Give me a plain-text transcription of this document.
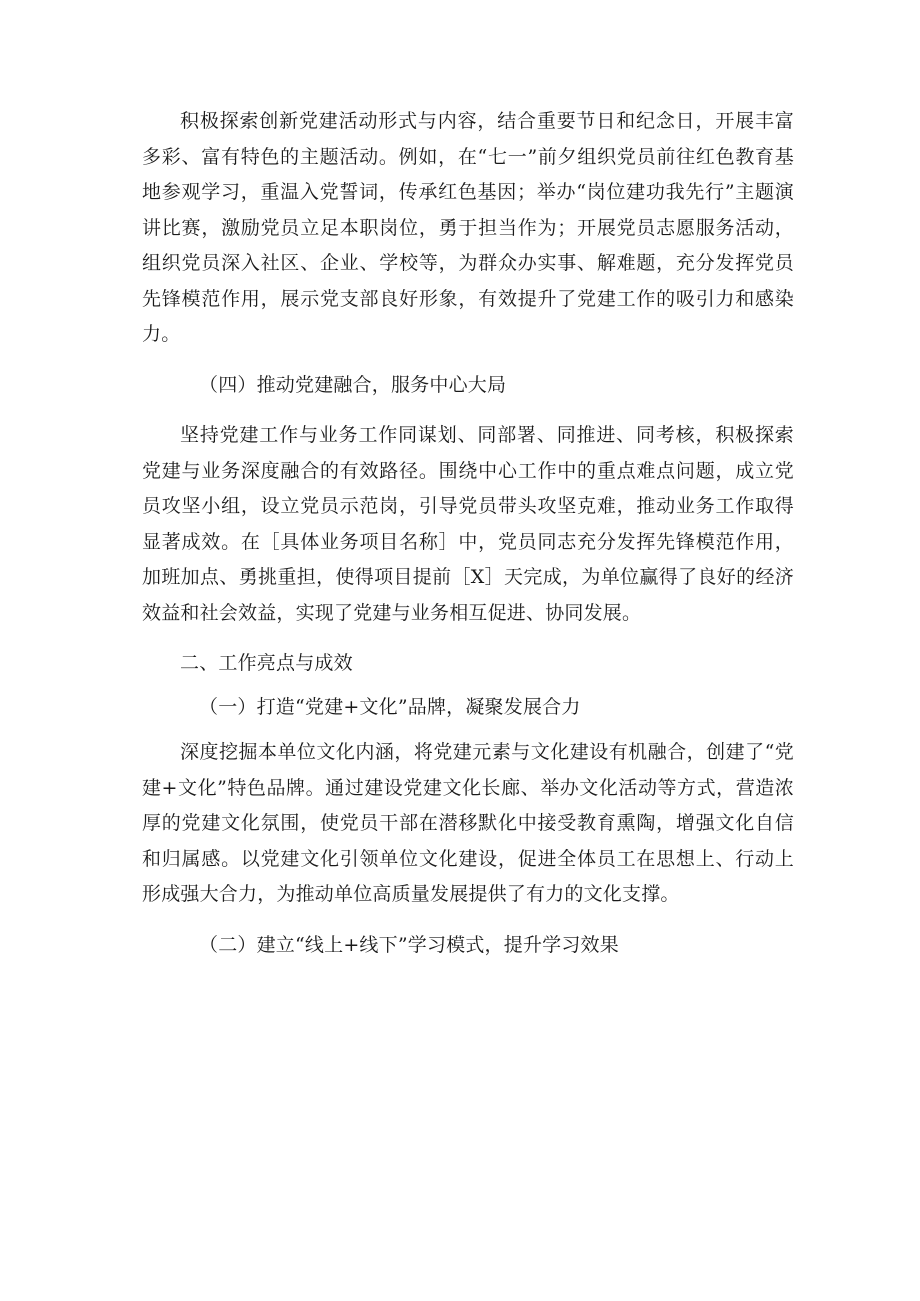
积极探索创新党建活动形式与内容，结合重要节日和纪念日，开展丰富多彩、富有特色的主题活动。例如，在“七一”前夕组织党员前往红色教育基地参观学习，重温入党誓词，传承红色基因；举办“岗位建功我先行”主题演讲比赛，激励党员立足本职岗位，勇于担当作为；开展党员志愿服务活动，组织党员深入社区、企业、学校等，为群众办实事、解难题，充分发挥党员先锋模范作用，展示党支部良好形象，有效提升了党建工作的吸引力和感染力。

（四）推动党建融合，服务中心大局

坚持党建工作与业务工作同谋划、同部署、同推进、同考核，积极探索党建与业务深度融合的有效路径。围绕中心工作中的重点难点问题，成立党员攻坚小组，设立党员示范岗，引导党员带头攻坚克难，推动业务工作取得显著成效。在［具体业务项目名称］中，党员同志充分发挥先锋模范作用，加班加点、勇挑重担，使得项目提前［X］天完成，为单位赢得了良好的经济效益和社会效益，实现了党建与业务相互促进、协同发展。

二、工作亮点与成效

（一）打造“党建+文化”品牌，凝聚发展合力

深度挖掘本单位文化内涵，将党建元素与文化建设有机融合，创建了“党建+文化”特色品牌。通过建设党建文化长廊、举办文化活动等方式，营造浓厚的党建文化氛围，使党员干部在潜移默化中接受教育熏陶，增强文化自信和归属感。以党建文化引领单位文化建设，促进全体员工在思想上、行动上形成强大合力，为推动单位高质量发展提供了有力的文化支撑。

（二）建立“线上+线下”学习模式，提升学习效果
